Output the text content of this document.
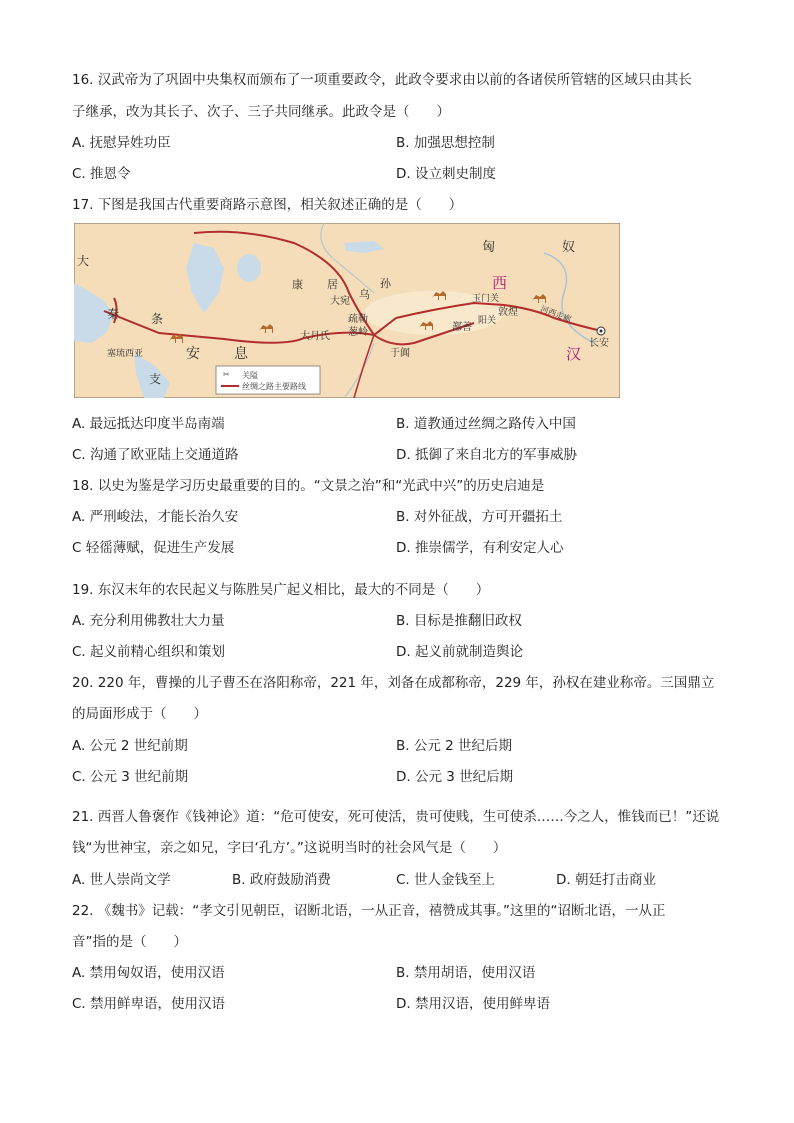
16. 汉武帝为了巩固中央集权而颁布了一项重要政令，此政令要求由以前的各诸侯所管辖的区域只由其长
子继承，改为其长子、次子、三子共同继承。此政令是（　　）
A. 抚慰异姓功臣	B. 加强思想控制
C. 推恩令	D. 设立刺史制度
17. 下图是我国古代重要商路示意图，相关叙述正确的是（　　）
匈	奴
西
汉
大
秦	条
支
安 息
康 居
大宛
乌
孙
疏勒
葱岭
大月氏
于阗
鄯善
玉门关
敦煌
阳关	河西走廊
长安
塞琉西亚
✂ 关隘
丝绸之路主要路线
A. 最远抵达印度半岛南端	B. 道教通过丝绸之路传入中国
C. 沟通了欧亚陆上交通道路	D. 抵御了来自北方的军事威胁
18. 以史为鉴是学习历史最重要的目的。“文景之治”和“光武中兴”的历史启迪是
A. 严刑峻法，才能长治久安	B. 对外征战，方可开疆拓土
C 轻徭薄赋，促进生产发展	D. 推崇儒学，有利安定人心
19. 东汉末年的农民起义与陈胜吴广起义相比，最大的不同是（　　）
A. 充分利用佛教壮大力量	B. 目标是推翻旧政权
C. 起义前精心组织和策划	D. 起义前就制造舆论
20. 220 年，曹操的儿子曹丕在洛阳称帝，221 年，刘备在成都称帝，229 年，孙权在建业称帝。三国鼎立
的局面形成于（　　）
A. 公元 2 世纪前期	B. 公元 2 世纪后期
C. 公元 3 世纪前期	D. 公元 3 世纪后期
21. 西晋人鲁褒作《钱神论》道：“危可使安，死可使活，贵可使贱，生可使杀……今之人，惟钱而已！”还说
钱“为世神宝，亲之如兄，字曰‘孔方’。”这说明当时的社会风气是（　　）
A. 世人崇尚文学	B. 政府鼓励消费	C. 世人金钱至上	D. 朝廷打击商业
22. 《魏书》记载：“孝文引见朝臣，诏断北语，一从正音，禧赞成其事。”这里的“诏断北语，一从正
音”指的是（　　）
A. 禁用匈奴语，使用汉语	B. 禁用胡语，使用汉语
C. 禁用鲜卑语，使用汉语	D. 禁用汉语，使用鲜卑语
